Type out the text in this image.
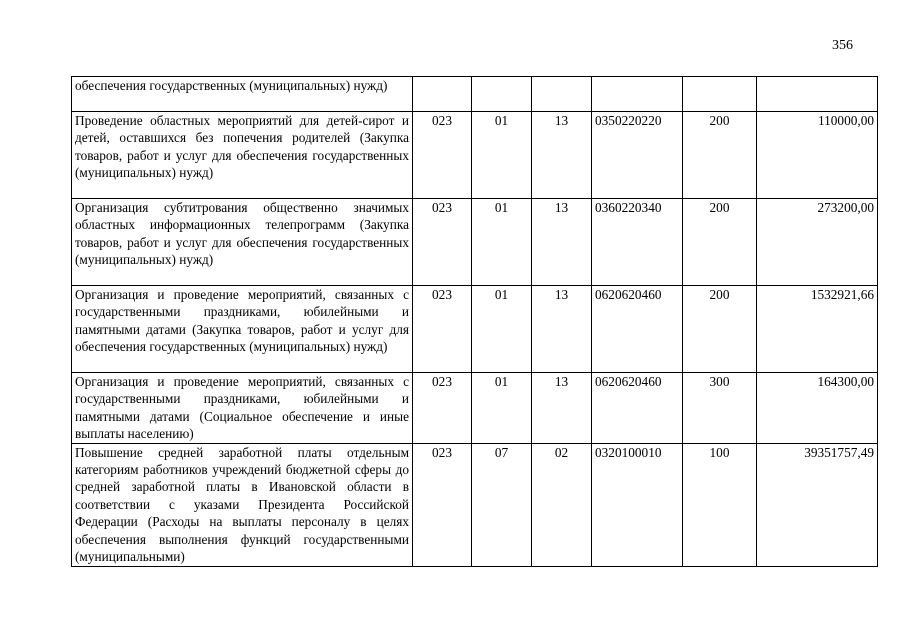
356
обеспечения государственных (муниципальных) нужд)						
Проведение областных мероприятий для детей-сирот и детей, оставшихся без попечения родителей (Закупка товаров, работ и услуг для обеспечения государственных (муниципальных) нужд)	023	01	13	0350220220	200	110000,00
Организация субтитрования общественно значимых областных информационных телепрограмм (Закупка товаров, работ и услуг для обеспечения государственных (муниципальных) нужд)	023	01	13	0360220340	200	273200,00
Организация и проведение мероприятий, связанных с государственными праздниками, юбилейными и памятными датами (Закупка товаров, работ и услуг для обеспечения государственных (муниципальных) нужд)	023	01	13	0620620460	200	1532921,66
Организация и проведение мероприятий, связанных с государственными праздниками, юбилейными и памятными датами (Социальное обеспечение и иные выплаты населению)	023	01	13	0620620460	300	164300,00
Повышение средней заработной платы отдельным категориям работников учреждений бюджетной сферы до средней заработной платы в Ивановской области в соответствии с указами Президента Российской Федерации (Расходы на выплаты персоналу в целях обеспечения выполнения функций государственными (муниципальными)	023	07	02	0320100010	100	39351757,49
